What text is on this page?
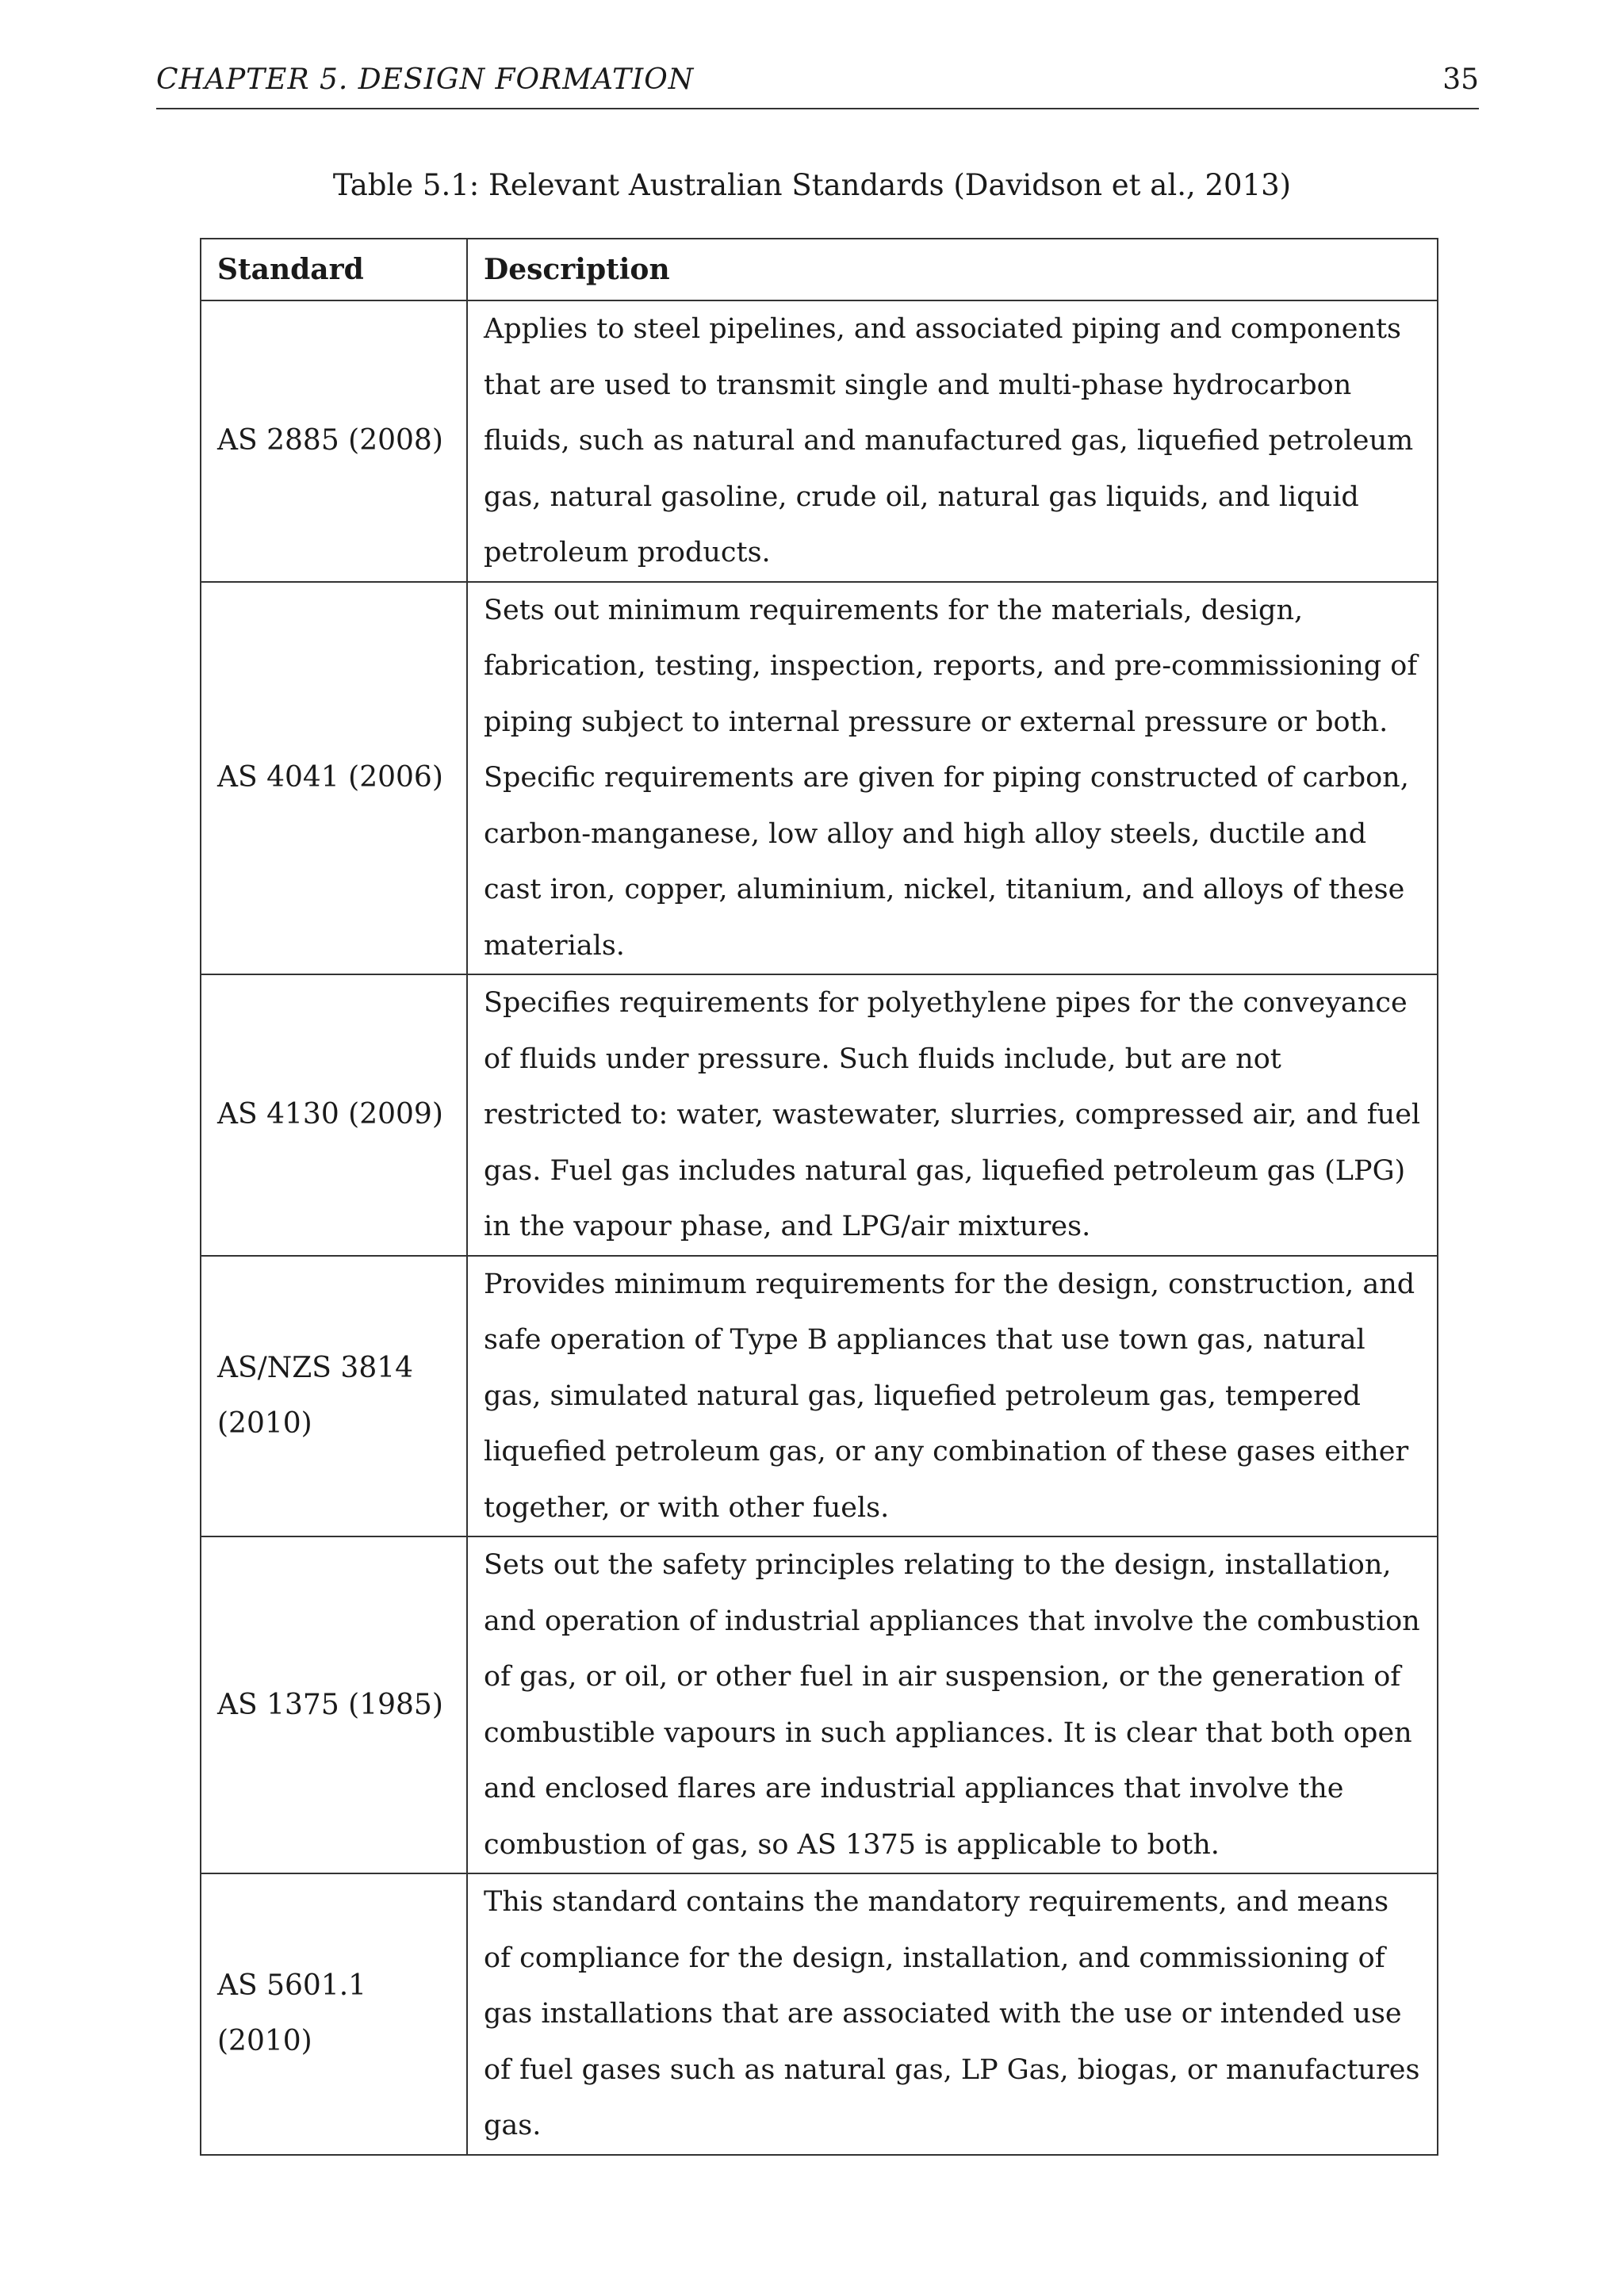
CHAPTER 5. DESIGN FORMATION	35
Table 5.1: Relevant Australian Standards (Davidson et al., 2013)
Standard	Description
AS 2885 (2008)	Applies to steel pipelines, and associated piping and components that are used to transmit single and multi-phase hydrocarbon fluids, such as natural and manufactured gas, liquefied petroleum gas, natural gasoline, crude oil, natural gas liquids, and liquid petroleum products.
AS 4041 (2006)	Sets out minimum requirements for the materials, design, fabrication, testing, inspection, reports, and pre-commissioning of piping subject to internal pressure or external pressure or both. Specific requirements are given for piping constructed of carbon, carbon-manganese, low alloy and high alloy steels, ductile and cast iron, copper, aluminium, nickel, titanium, and alloys of these materials.
AS 4130 (2009)	Specifies requirements for polyethylene pipes for the conveyance of fluids under pressure. Such fluids include, but are not restricted to: water, wastewater, slurries, compressed air, and fuel gas. Fuel gas includes natural gas, liquefied petroleum gas (LPG) in the vapour phase, and LPG/air mixtures.
AS/NZS 3814 (2010)	Provides minimum requirements for the design, construction, and safe operation of Type B appliances that use town gas, natural gas, simulated natural gas, liquefied petroleum gas, tempered liquefied petroleum gas, or any combination of these gases either together, or with other fuels.
AS 1375 (1985)	Sets out the safety principles relating to the design, installation, and operation of industrial appliances that involve the combustion of gas, or oil, or other fuel in air suspension, or the generation of combustible vapours in such appliances. It is clear that both open and enclosed flares are industrial appliances that involve the combustion of gas, so AS 1375 is applicable to both.
AS 5601.1 (2010)	This standard contains the mandatory requirements, and means of compliance for the design, installation, and commissioning of gas installations that are associated with the use or intended use of fuel gases such as natural gas, LP Gas, biogas, or manufactures gas.
